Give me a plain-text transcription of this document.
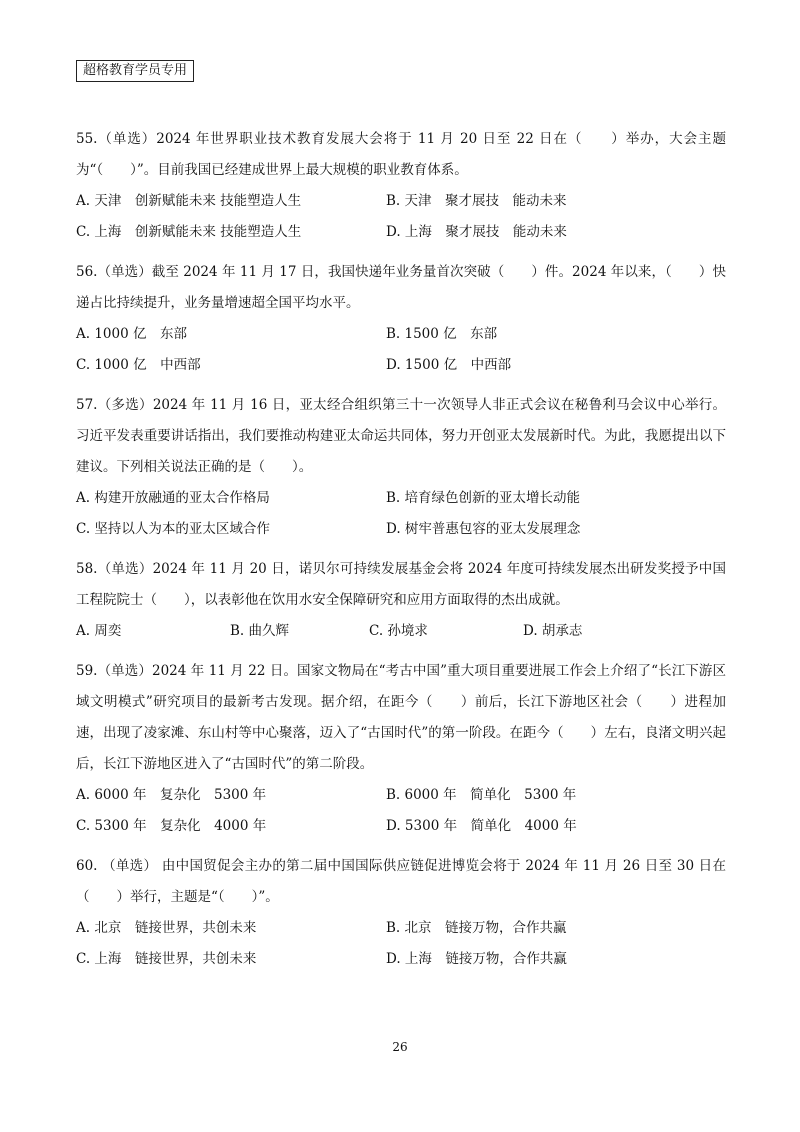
超格教育学员专用

55.（单选）2024 年世界职业技术教育发展大会将于 11 月 20 日至 22 日在（　　）举办，大会主题为“（　　）”。目前我国已经建成世界上最大规模的职业教育体系。

A. 天津　创新赋能未来 技能塑造人生	B. 天津　聚才展技　能动未来
C. 上海　创新赋能未来 技能塑造人生	D. 上海　聚才展技　能动未来

56.（单选）截至 2024 年 11 月 17 日，我国快递年业务量首次突破（　　）件。2024 年以来，（　　）快递占比持续提升，业务量增速超全国平均水平。

A. 1000 亿　东部	B. 1500 亿　东部
C. 1000 亿　中西部	D. 1500 亿　中西部

57.（多选）2024 年 11 月 16 日，亚太经合组织第三十一次领导人非正式会议在秘鲁利马会议中心举行。习近平发表重要讲话指出，我们要推动构建亚太命运共同体，努力开创亚太发展新时代。为此，我愿提出以下建议。下列相关说法正确的是（　　）。

A. 构建开放融通的亚太合作格局	B. 培育绿色创新的亚太增长动能
C. 坚持以人为本的亚太区域合作	D. 树牢普惠包容的亚太发展理念

58.（单选）2024 年 11 月 20 日，诺贝尔可持续发展基金会将 2024 年度可持续发展杰出研发奖授予中国工程院院士（　　），以表彰他在饮用水安全保障研究和应用方面取得的杰出成就。

A. 周奕	B. 曲久辉	C. 孙境求	D. 胡承志

59.（单选）2024 年 11 月 22 日。国家文物局在“考古中国”重大项目重要进展工作会上介绍了“长江下游区域文明模式”研究项目的最新考古发现。据介绍，在距今（　　）前后，长江下游地区社会（　　）进程加速，出现了凌家滩、东山村等中心聚落，迈入了“古国时代”的第一阶段。在距今（　　）左右，良渚文明兴起后，长江下游地区进入了“古国时代”的第二阶段。

A. 6000 年　复杂化　5300 年	B. 6000 年　简单化　5300 年
C. 5300 年　复杂化　4000 年	D. 5300 年　简单化　4000 年

60. （单选） 由中国贸促会主办的第二届中国国际供应链促进博览会将于 2024 年 11 月 26 日至 30 日在（　　）举行，主题是“（　　）”。

A. 北京　链接世界，共创未来	B. 北京　链接万物，合作共赢
C. 上海　链接世界，共创未来	D. 上海　链接万物，合作共赢
26
